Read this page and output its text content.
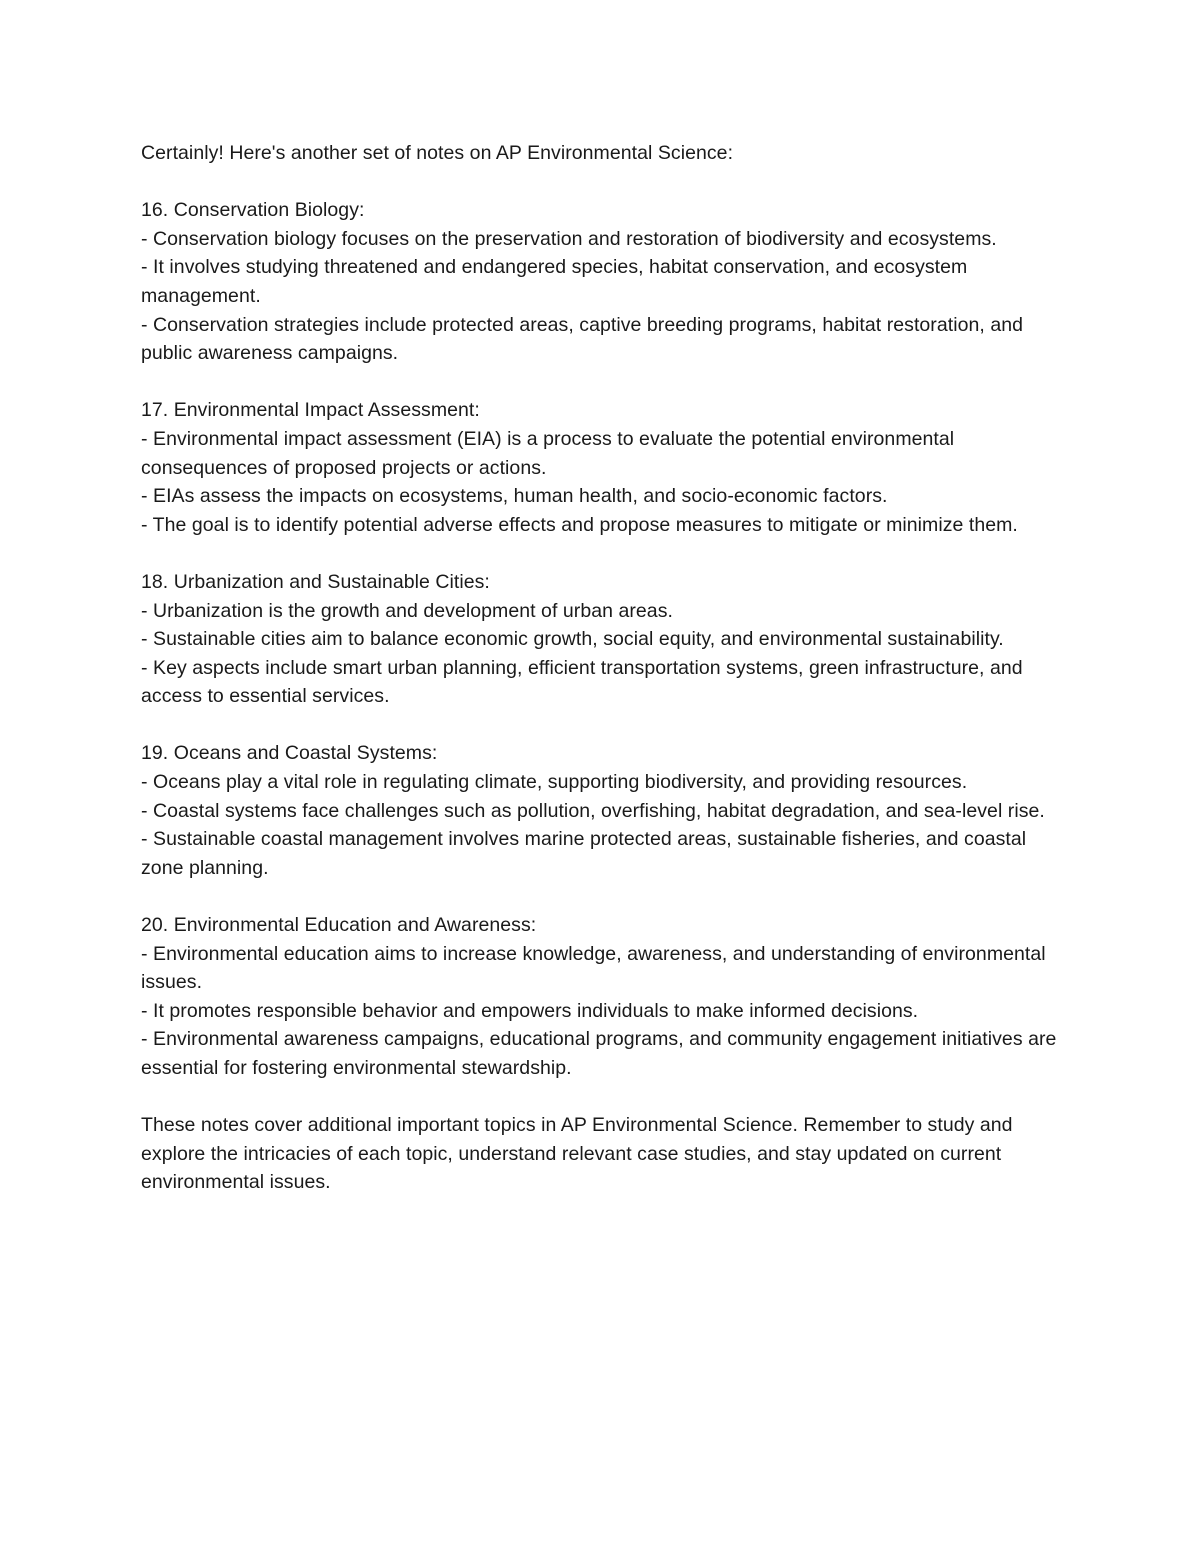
Certainly! Here's another set of notes on AP Environmental Science:

16. Conservation Biology:

- Conservation biology focuses on the preservation and restoration of biodiversity and ecosystems.

- It involves studying threatened and endangered species, habitat conservation, and ecosystem management.

- Conservation strategies include protected areas, captive breeding programs, habitat restoration, and public awareness campaigns.

17. Environmental Impact Assessment:

- Environmental impact assessment (EIA) is a process to evaluate the potential environmental consequences of proposed projects or actions.

- EIAs assess the impacts on ecosystems, human health, and socio-economic factors.

- The goal is to identify potential adverse effects and propose measures to mitigate or minimize them.

18. Urbanization and Sustainable Cities:

- Urbanization is the growth and development of urban areas.

- Sustainable cities aim to balance economic growth, social equity, and environmental sustainability.

- Key aspects include smart urban planning, efficient transportation systems, green infrastructure, and access to essential services.

19. Oceans and Coastal Systems:

- Oceans play a vital role in regulating climate, supporting biodiversity, and providing resources.

- Coastal systems face challenges such as pollution, overfishing, habitat degradation, and sea-level rise.

- Sustainable coastal management involves marine protected areas, sustainable fisheries, and coastal zone planning.

20. Environmental Education and Awareness:

- Environmental education aims to increase knowledge, awareness, and understanding of environmental issues.

- It promotes responsible behavior and empowers individuals to make informed decisions.

- Environmental awareness campaigns, educational programs, and community engagement initiatives are essential for fostering environmental stewardship.

These notes cover additional important topics in AP Environmental Science. Remember to study and explore the intricacies of each topic, understand relevant case studies, and stay updated on current environmental issues.
